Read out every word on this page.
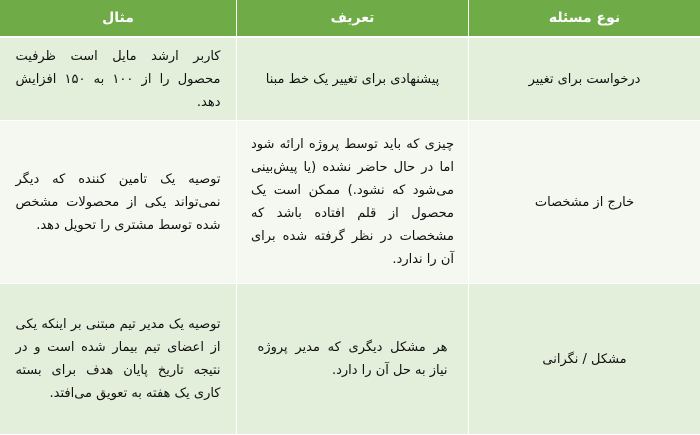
نوع مسئله
تعریف
مثال
درخواست برای تغییر
پیشنهادی برای تغییر یک خط مبنا
کاربر ارشد مایل است ظرفیت محصول را از ۱۰۰ به ۱۵۰ افزایش دهد.
خارج از مشخصات
چیزی که باید توسط پروژه ارائه شود اما در حال حاضر نشده (یا پیش‌بینی می‌شود که نشود.) ممکن است یک محصول از قلم افتاده باشد که مشخصات در نظر گرفته شده برای آن را ندارد.
توصیه یک تامین کننده که دیگر نمی‌تواند یکی از محصولات مشخص شده توسط مشتری را تحویل دهد.
مشکل / نگرانی
هر مشکل دیگری که مدیر پروژه نیاز به حل آن را دارد.
توصیه یک مدیر تیم مبتنی بر اینکه یکی از اعضای تیم بیمار شده است و در نتیجه تاریخ پایان هدف برای بسته کاری یک هفته به تعویق می‌افتد.
